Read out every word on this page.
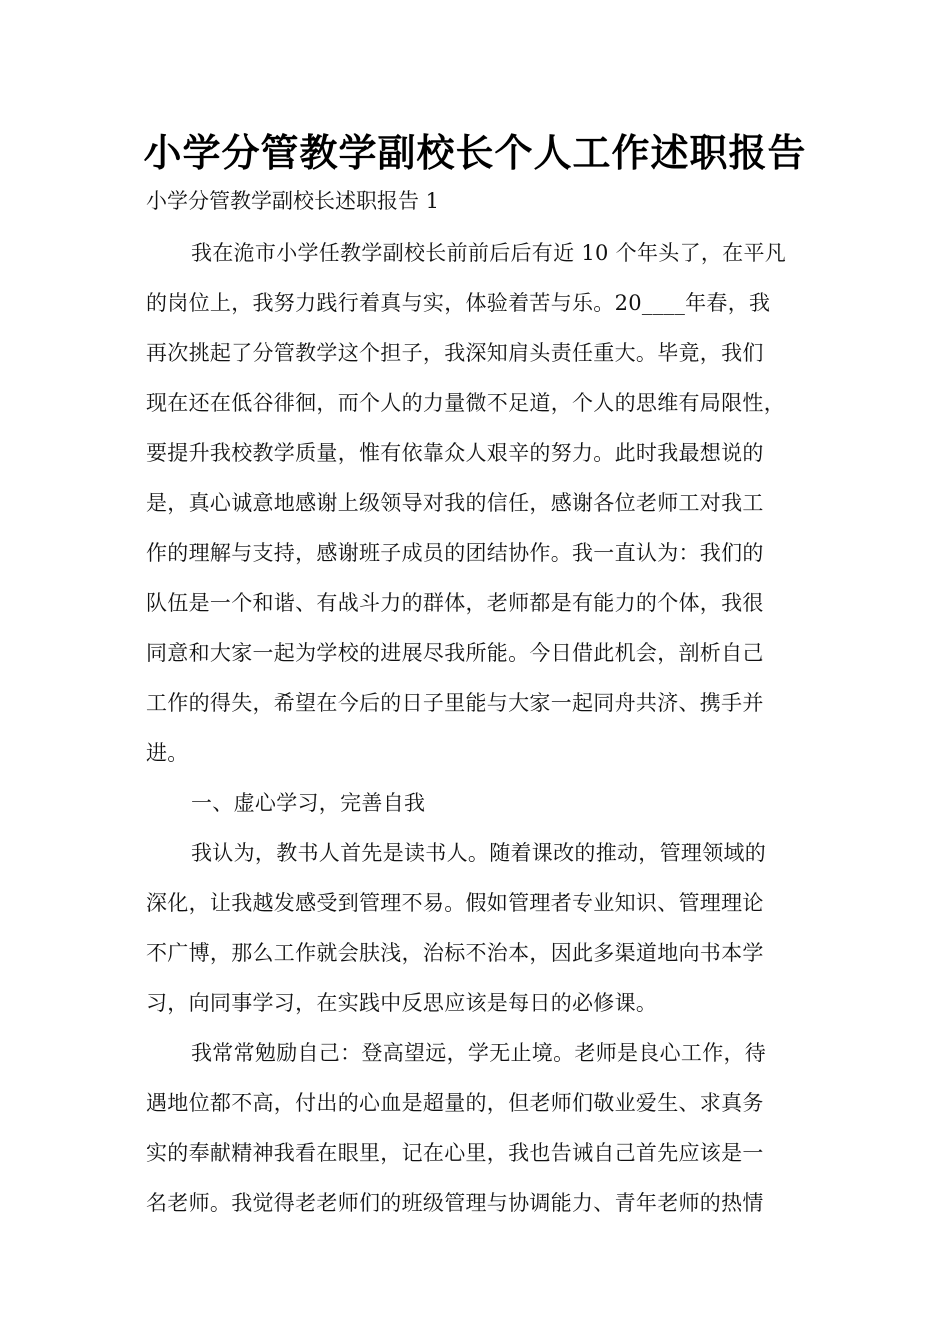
小学分管教学副校长个人工作述职报告
小学分管教学副校长述职报告 1
我在洈市小学任教学副校长前前后后有近 10 个年头了，在平凡
的岗位上，我努力践行着真与实，体验着苦与乐。20____年春，我
再次挑起了分管教学这个担子，我深知肩头责任重大。毕竟，我们
现在还在低谷徘徊，而个人的力量微不足道，个人的思维有局限性，
要提升我校教学质量，惟有依靠众人艰辛的努力。此时我最想说的
是，真心诚意地感谢上级领导对我的信任，感谢各位老师工对我工
作的理解与支持，感谢班子成员的团结协作。我一直认为：我们的
队伍是一个和谐、有战斗力的群体，老师都是有能力的个体，我很
同意和大家一起为学校的进展尽我所能。今日借此机会，剖析自己
工作的得失，希望在今后的日子里能与大家一起同舟共济、携手并
进。
一、虚心学习，完善自我
我认为，教书人首先是读书人。随着课改的推动，管理领域的
深化，让我越发感受到管理不易。假如管理者专业知识、管理理论
不广博，那么工作就会肤浅，治标不治本，因此多渠道地向书本学
习，向同事学习，在实践中反思应该是每日的必修课。
我常常勉励自己：登高望远，学无止境。老师是良心工作，待
遇地位都不高，付出的心血是超量的，但老师们敬业爱生、求真务
实的奉献精神我看在眼里，记在心里，我也告诫自己首先应该是一
名老师。我觉得老老师们的班级管理与协调能力、青年老师的热情
